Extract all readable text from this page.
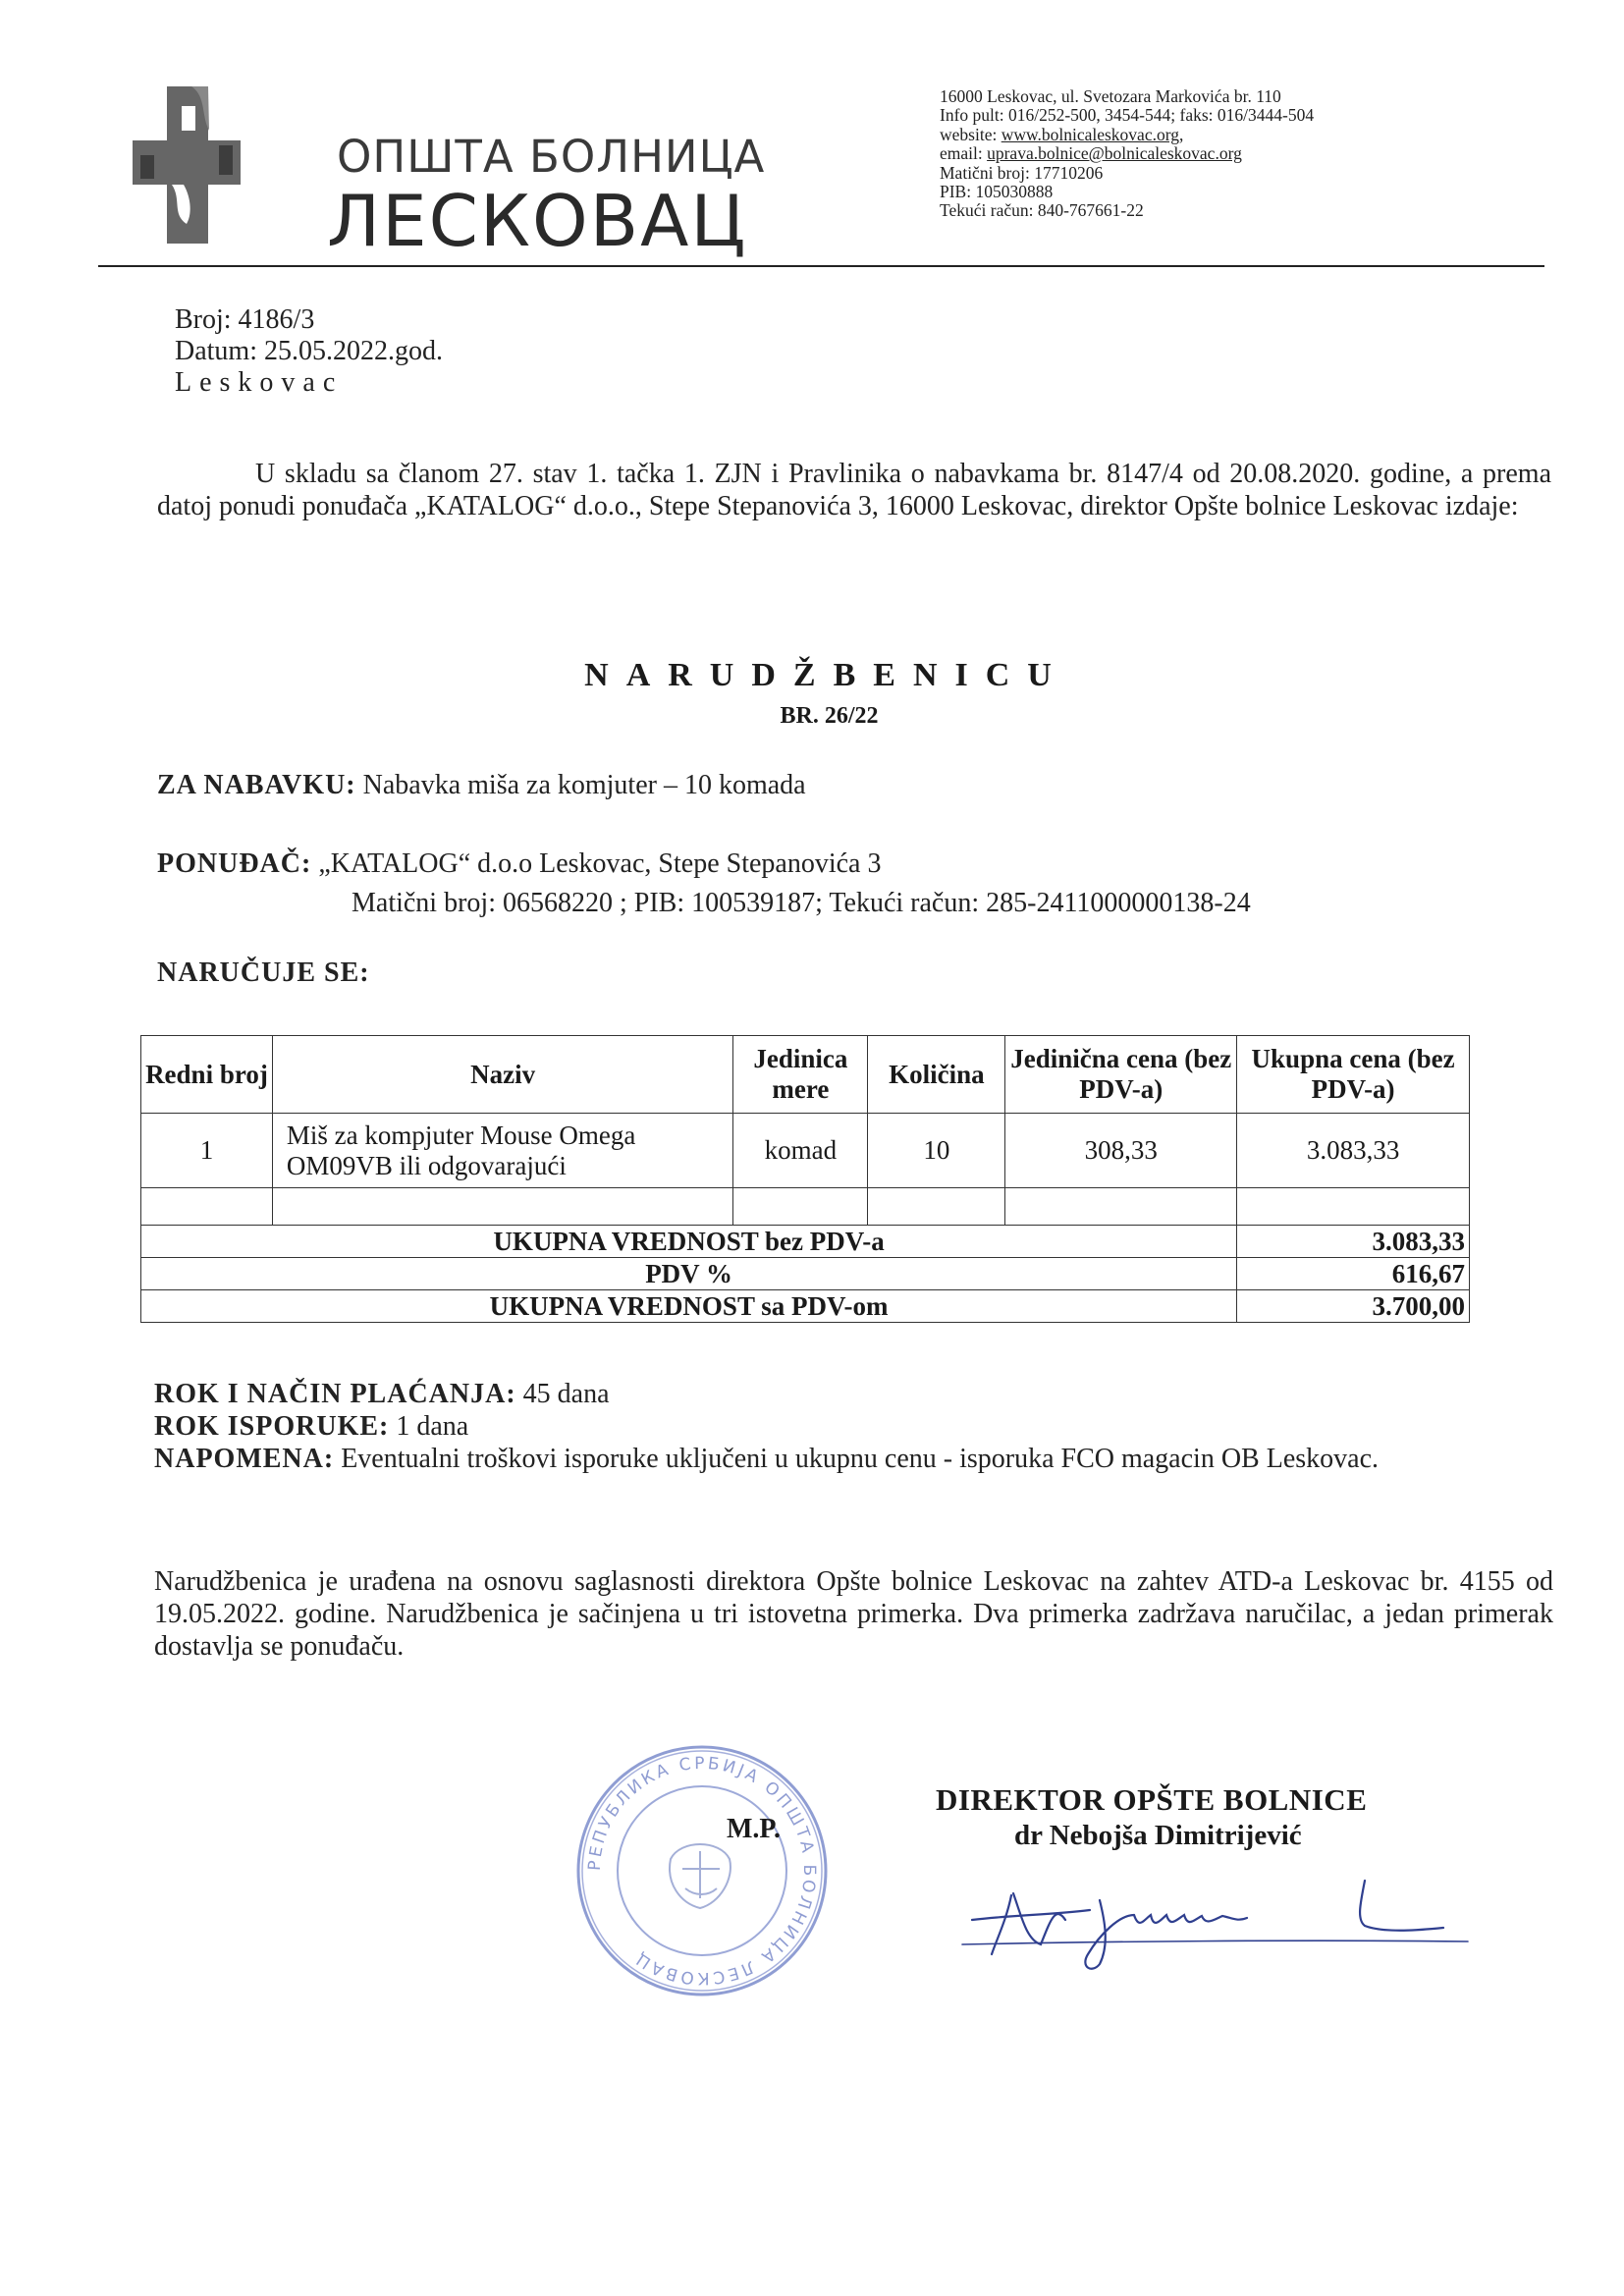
ОПШТА БОЛНИЦА
ЛЕСКОВАЦ
16000 Leskovac, ul. Svetozara Markovića br. 110
Info pult: 016/252-500, 3454-544; faks: 016/3444-504
website: www.bolnicaleskovac.org,
email: uprava.bolnice@bolnicaleskovac.org
Matični broj: 17710206
PIB: 105030888
Tekući račun: 840-767661-22
Broj: 4186/3
Datum: 25.05.2022.god.
Leskovac
U skladu sa članom 27. stav 1. tačka 1. ZJN i Pravlinika o nabavkama br. 8147/4 od 20.08.2020. godine, a prema datoj ponudi ponuđača „KATALOG“ d.o.o., Stepe Stepanovića 3, 16000 Leskovac, direktor Opšte bolnice Leskovac izdaje:
NARUDŽBENICU
BR. 26/22
ZA NABAVKU: Nabavka miša za komjuter – 10 komada
PONUĐAČ: „KATALOG“ d.o.o Leskovac, Stepe Stepanovića 3
Matični broj: 06568220 ; PIB: 100539187; Tekući račun: 285-2411000000138-24
NARUČUJE SE:
Redni broj	Naziv	Jedinica mere	Količina	Jedinična cena (bez PDV-a)	Ukupna cena (bez PDV-a)
1	Miš za kompjuter Mouse Omega OM09VB ili odgovarajući	komad	10	308,33	3.083,33

UKUPNA VREDNOST bez PDV-a					3.083,33
PDV %					616,67
UKUPNA VREDNOST sa PDV-om					3.700,00
ROK I NAČIN PLAĆANJA: 45 dana
ROK ISPORUKE: 1 dana
NAPOMENA: Eventualni troškovi isporuke uključeni u ukupnu cenu - isporuka FCO magacin OB Leskovac.
Narudžbenica je urađena na osnovu saglasnosti direktora Opšte bolnice Leskovac na zahtev ATD-a Leskovac br. 4155 od 19.05.2022. godine. Narudžbenica je sačinjena u tri istovetna primerka. Dva primerka zadržava naručilac, a jedan primerak dostavlja se ponuđaču.
РЕПУБЛИКА СРБИЈА ОПШТА БОЛНИЦА ЛЕСКОВАЦ
M.P.
DIREKTOR OPŠTE BOLNICE
dr Nebojša Dimitrijević
